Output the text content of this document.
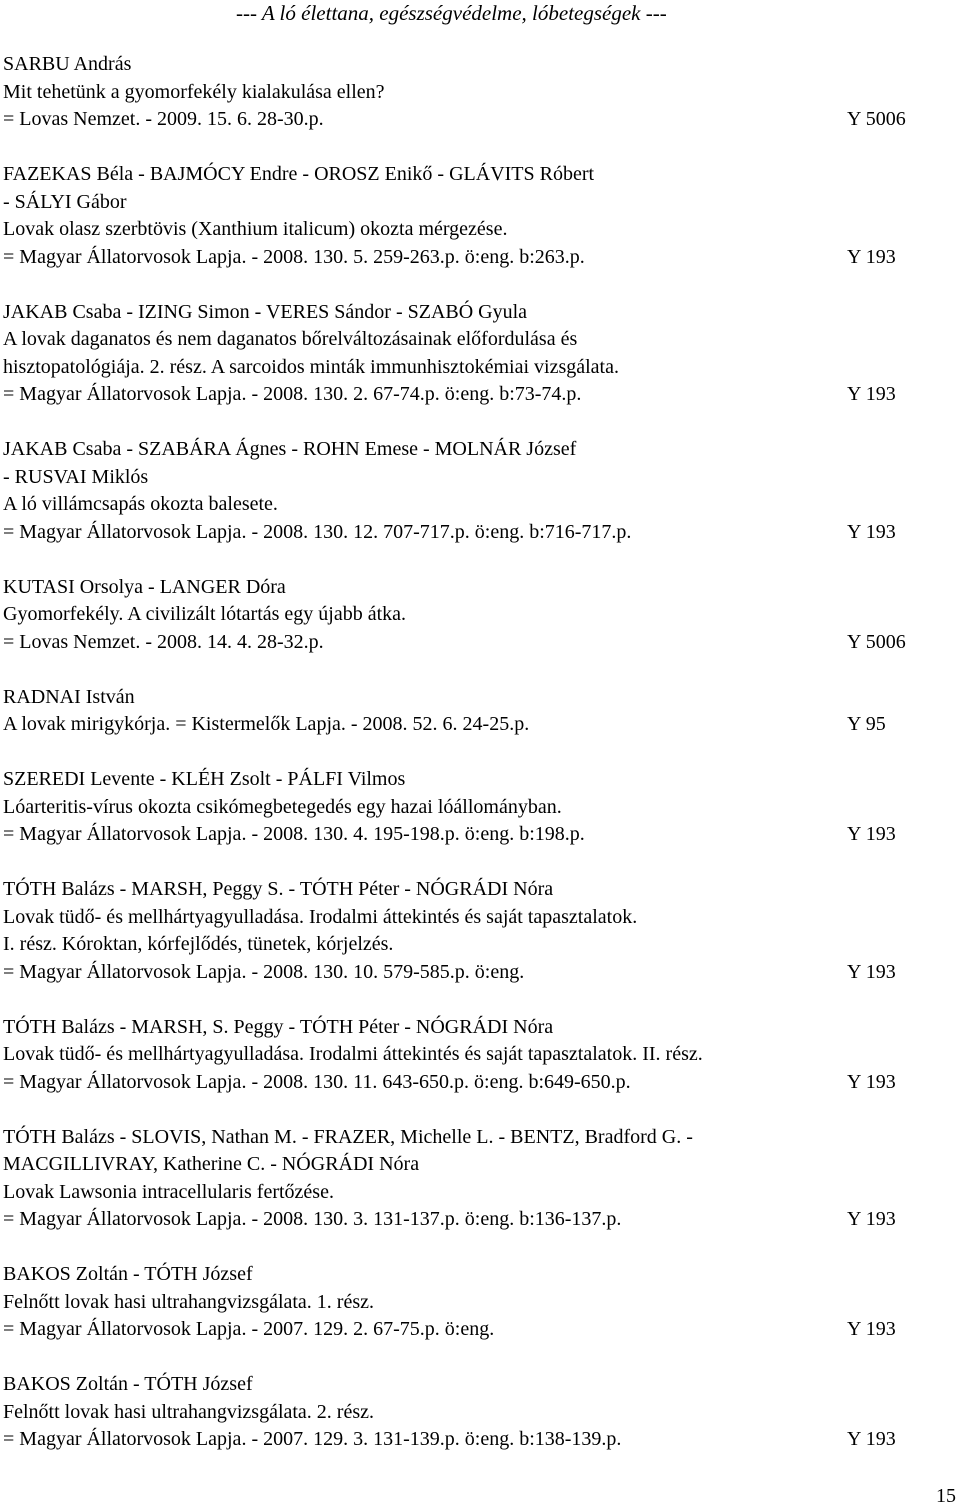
--- A ló élettana, egészségvédelme, lóbetegségek ---
SARBU András
Mit tehetünk a gyomorfekély kialakulása ellen?
= Lovas Nemzet. - 2009. 15. 6. 28-30.p.	Y 5006
FAZEKAS Béla - BAJMÓCY Endre - OROSZ Enikő - GLÁVITS Róbert
- SÁLYI Gábor
Lovak olasz szerbtövis (Xanthium italicum) okozta mérgezése.
= Magyar Állatorvosok Lapja. - 2008. 130. 5. 259-263.p. ö:eng. b:263.p.	Y 193
JAKAB Csaba - IZING Simon - VERES Sándor - SZABÓ Gyula
A lovak daganatos és nem daganatos bőrelváltozásainak előfordulása és
hisztopatológiája. 2. rész. A sarcoidos minták immunhisztokémiai vizsgálata.
= Magyar Állatorvosok Lapja. - 2008. 130. 2. 67-74.p. ö:eng. b:73-74.p.	Y 193
JAKAB Csaba - SZABÁRA Ágnes - ROHN Emese - MOLNÁR József
- RUSVAI Miklós
A ló villámcsapás okozta balesete.
= Magyar Állatorvosok Lapja. - 2008. 130. 12. 707-717.p. ö:eng. b:716-717.p.	Y 193
KUTASI Orsolya - LANGER Dóra
Gyomorfekély. A civilizált lótartás egy újabb átka.
= Lovas Nemzet. - 2008. 14. 4. 28-32.p.	Y 5006
RADNAI István
A lovak mirigykórja. = Kistermelők Lapja. - 2008. 52. 6. 24-25.p.	Y 95
SZEREDI Levente - KLÉH Zsolt - PÁLFI Vilmos
Lóarteritis-vírus okozta csikómegbetegedés egy hazai lóállományban.
= Magyar Állatorvosok Lapja. - 2008. 130. 4. 195-198.p. ö:eng. b:198.p.	Y 193
TÓTH Balázs - MARSH, Peggy S. - TÓTH Péter - NÓGRÁDI Nóra
Lovak tüdő- és mellhártyagyulladása. Irodalmi áttekintés és saját tapasztalatok.
I. rész. Kóroktan, kórfejlődés, tünetek, kórjelzés.
= Magyar Állatorvosok Lapja. - 2008. 130. 10. 579-585.p. ö:eng.	Y 193
TÓTH Balázs - MARSH, S. Peggy - TÓTH Péter - NÓGRÁDI Nóra
Lovak tüdő- és mellhártyagyulladása. Irodalmi áttekintés és saját tapasztalatok. II. rész.
= Magyar Állatorvosok Lapja. - 2008. 130. 11. 643-650.p. ö:eng. b:649-650.p.	Y 193
TÓTH Balázs - SLOVIS, Nathan M. - FRAZER, Michelle L. - BENTZ, Bradford G. -
MACGILLIVRAY, Katherine C. - NÓGRÁDI Nóra
Lovak Lawsonia intracellularis fertőzése.
= Magyar Állatorvosok Lapja. - 2008. 130. 3. 131-137.p. ö:eng. b:136-137.p.	Y 193
BAKOS Zoltán - TÓTH József
Felnőtt lovak hasi ultrahangvizsgálata. 1. rész.
= Magyar Állatorvosok Lapja. - 2007. 129. 2. 67-75.p. ö:eng.	Y 193
BAKOS Zoltán - TÓTH József
Felnőtt lovak hasi ultrahangvizsgálata. 2. rész.
= Magyar Állatorvosok Lapja. - 2007. 129. 3. 131-139.p. ö:eng. b:138-139.p.	Y 193
15
